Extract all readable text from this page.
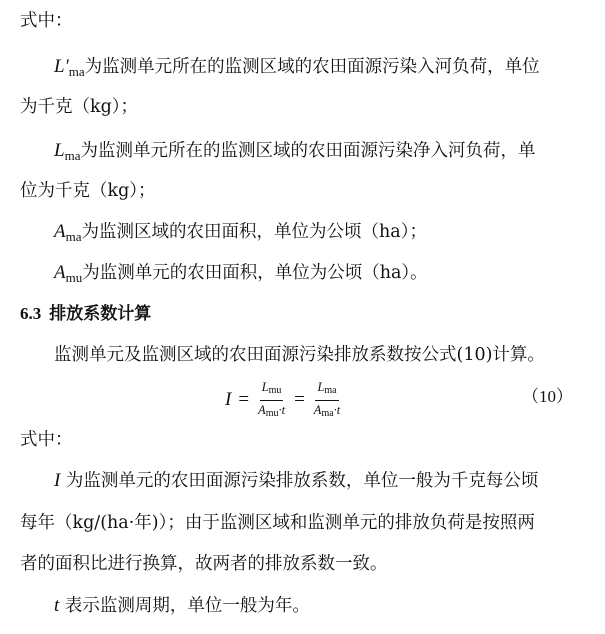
式中：
$L'_{ma}$为监测单元所在的监测区域的农田面源污染入河负荷，单位
为千克（kg）；
$L_{ma}$为监测单元所在的监测区域的农田面源污染净入河负荷，单
位为千克（kg）；
$A_{ma}$为监测区域的农田面积，单位为公顷（ha）；
$A_{mu}$为监测单元的农田面积，单位为公顷（ha）。
6.3 排放系数计算
监测单元及监测区域的农田面源污染排放系数按公式(10)计算。
$I = \frac{\text{Lmu}}{\text{Amu·t}} = \frac{\text{Lma}}{\text{Ama·t}}$	（10）
式中：
I 为监测单元的农田面源污染排放系数，单位一般为千克每公顷
每年（kg/(ha·年)）；由于监测区域和监测单元的排放负荷是按照两
者的面积比进行换算，故两者的排放系数一致。
t 表示监测周期，单位一般为年。
